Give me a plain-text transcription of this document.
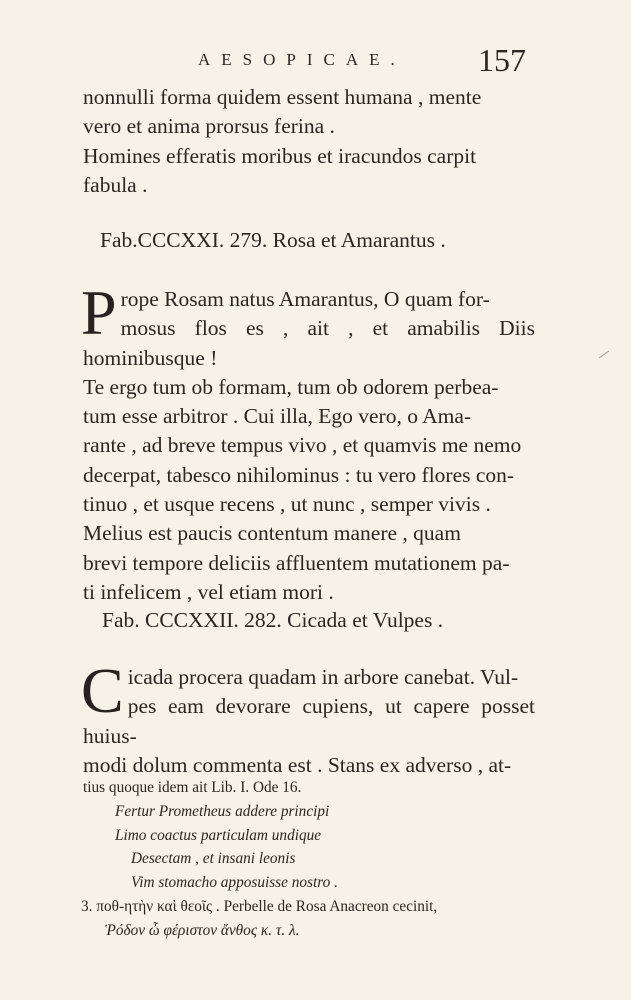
AESOPICAE. 157

nonnulli forma quidem essent humana , mente

vero et anima prorsus ferina .

Homines efferatis moribus et iracundos carpit

fabula .

Fab.CCCXXI. 279. Rosa et Amarantus .
P rope Rosam natus Amarantus, O quam for-

mosus flos es , ait , et amabilis Diis hominibusque !

Te ergo tum ob formam, tum ob odorem perbea-

tum esse arbitror . Cui illa, Ego vero, o Ama-

rante , ad breve tempus vivo , et quamvis me nemo

decerpat, tabesco nihilominus : tu vero flores con-

tinuo , et usque recens , ut nunc , semper vivis .

Melius est paucis contentum manere , quam

brevi tempore deliciis affluentem mutationem pa-

ti infelicem , vel etiam mori .

Fab. CCCXXII. 282. Cicada et Vulpes .
C icada procera quadam in arbore canebat. Vul-

pes eam devorare cupiens, ut capere posset huius-

modi dolum commenta est . Stans ex adverso , at-

tius quoque idem ait Lib. I. Ode 16.

Fertur Prometheus addere principi

Limo coactus particulam undique

Desectam , et insani leonis

Vim stomacho apposuisse nostro .

3. ποθ-ητὴν καὶ θεοῖς . Perbelle de Rosa Anacreon cecinit,

Ῥόδον ὦ φέριστον ἄνθος κ. τ. λ.
